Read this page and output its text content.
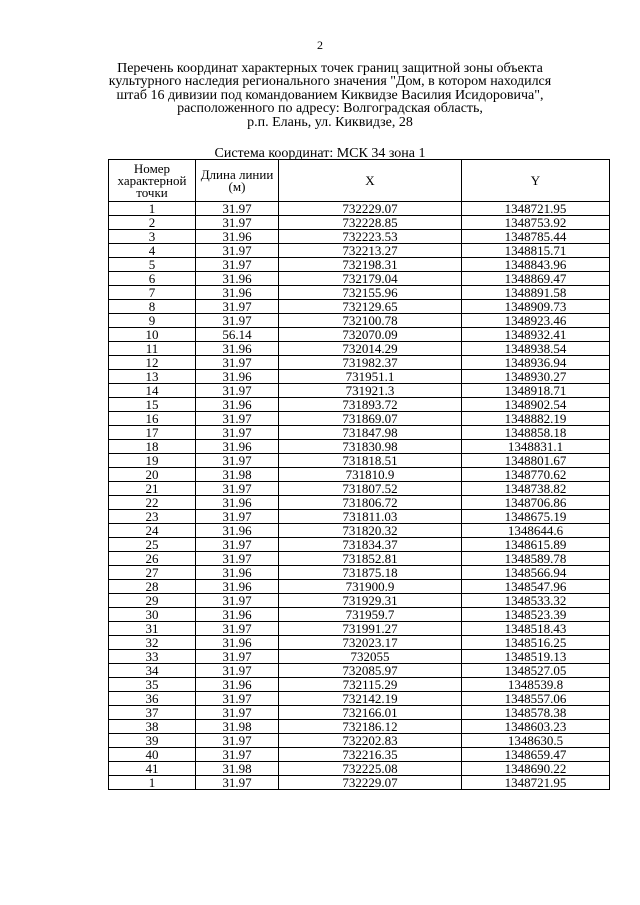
2
Перечень координат характерных точек границ защитной зоны объекта
культурного наследия регионального значения "Дом, в котором находился
штаб 16 дивизии под командованием Киквидзе Василия Исидоровича",
расположенного по адресу: Волгоградская область,
р.п. Елань, ул. Киквидзе, 28
Система координат: МСК 34 зона 1
Номер характерной точки	Длина линии (м)	X	Y
1	31.97	732229.07	1348721.95
2	31.97	732228.85	1348753.92
3	31.96	732223.53	1348785.44
4	31.97	732213.27	1348815.71
5	31.97	732198.31	1348843.96
6	31.96	732179.04	1348869.47
7	31.96	732155.96	1348891.58
8	31.97	732129.65	1348909.73
9	31.97	732100.78	1348923.46
10	56.14	732070.09	1348932.41
11	31.96	732014.29	1348938.54
12	31.97	731982.37	1348936.94
13	31.96	731951.1	1348930.27
14	31.97	731921.3	1348918.71
15	31.96	731893.72	1348902.54
16	31.97	731869.07	1348882.19
17	31.97	731847.98	1348858.18
18	31.96	731830.98	1348831.1
19	31.97	731818.51	1348801.67
20	31.98	731810.9	1348770.62
21	31.97	731807.52	1348738.82
22	31.96	731806.72	1348706.86
23	31.97	731811.03	1348675.19
24	31.96	731820.32	1348644.6
25	31.97	731834.37	1348615.89
26	31.97	731852.81	1348589.78
27	31.96	731875.18	1348566.94
28	31.96	731900.9	1348547.96
29	31.97	731929.31	1348533.32
30	31.96	731959.7	1348523.39
31	31.97	731991.27	1348518.43
32	31.96	732023.17	1348516.25
33	31.97	732055	1348519.13
34	31.97	732085.97	1348527.05
35	31.96	732115.29	1348539.8
36	31.97	732142.19	1348557.06
37	31.97	732166.01	1348578.38
38	31.98	732186.12	1348603.23
39	31.97	732202.83	1348630.5
40	31.97	732216.35	1348659.47
41	31.98	732225.08	1348690.22
1	31.97	732229.07	1348721.95
